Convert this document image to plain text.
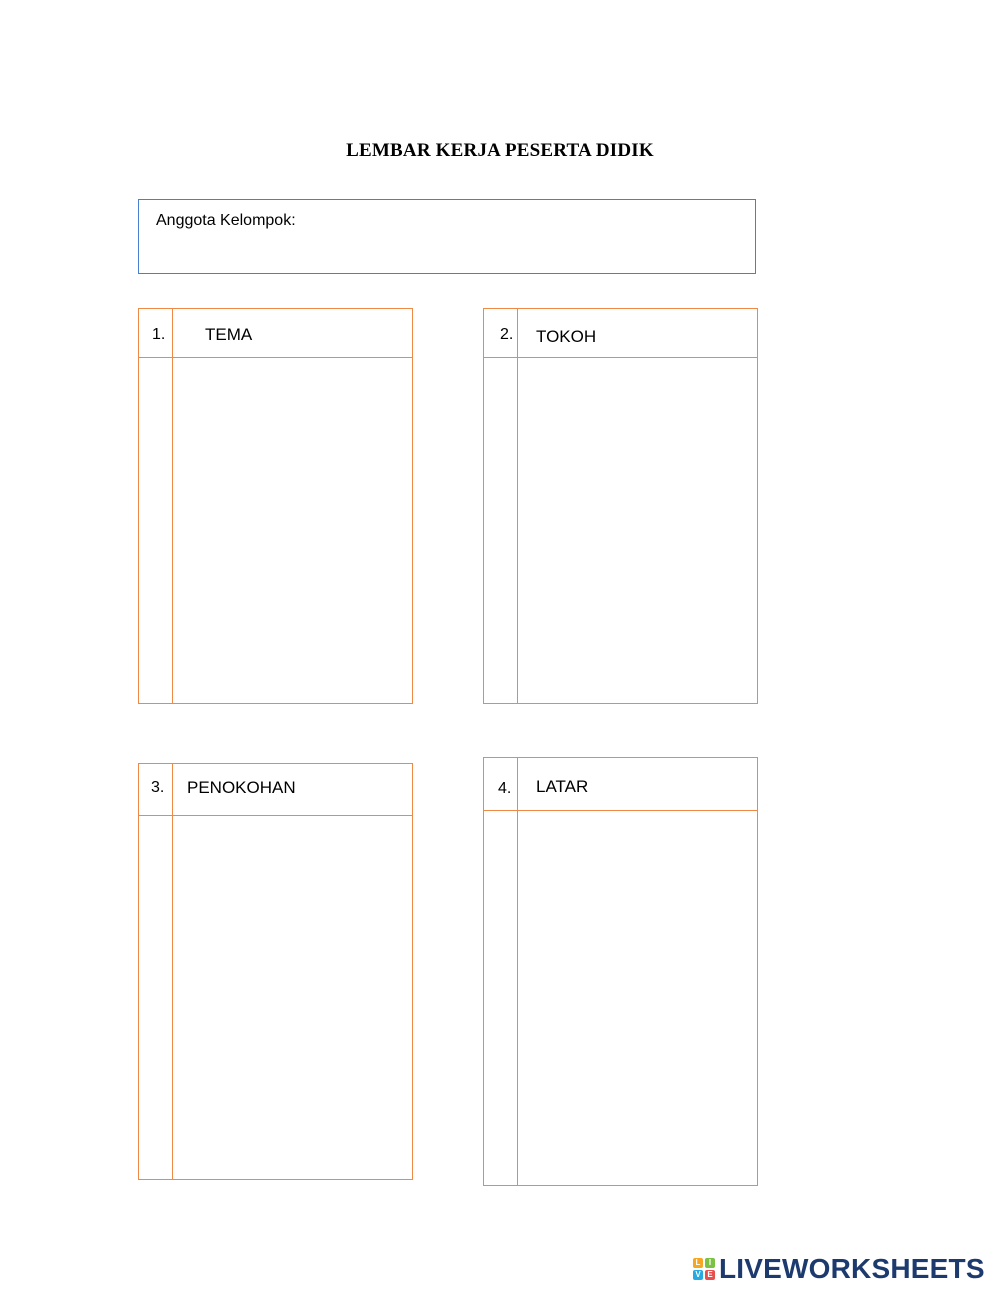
LEMBAR KERJA PESERTA DIDIK
Anggota Kelompok:
1. TEMA	2. TOKOH
3. PENOKOHAN	4. LATAR
L	I
V E LIVEWORKSHEETS
